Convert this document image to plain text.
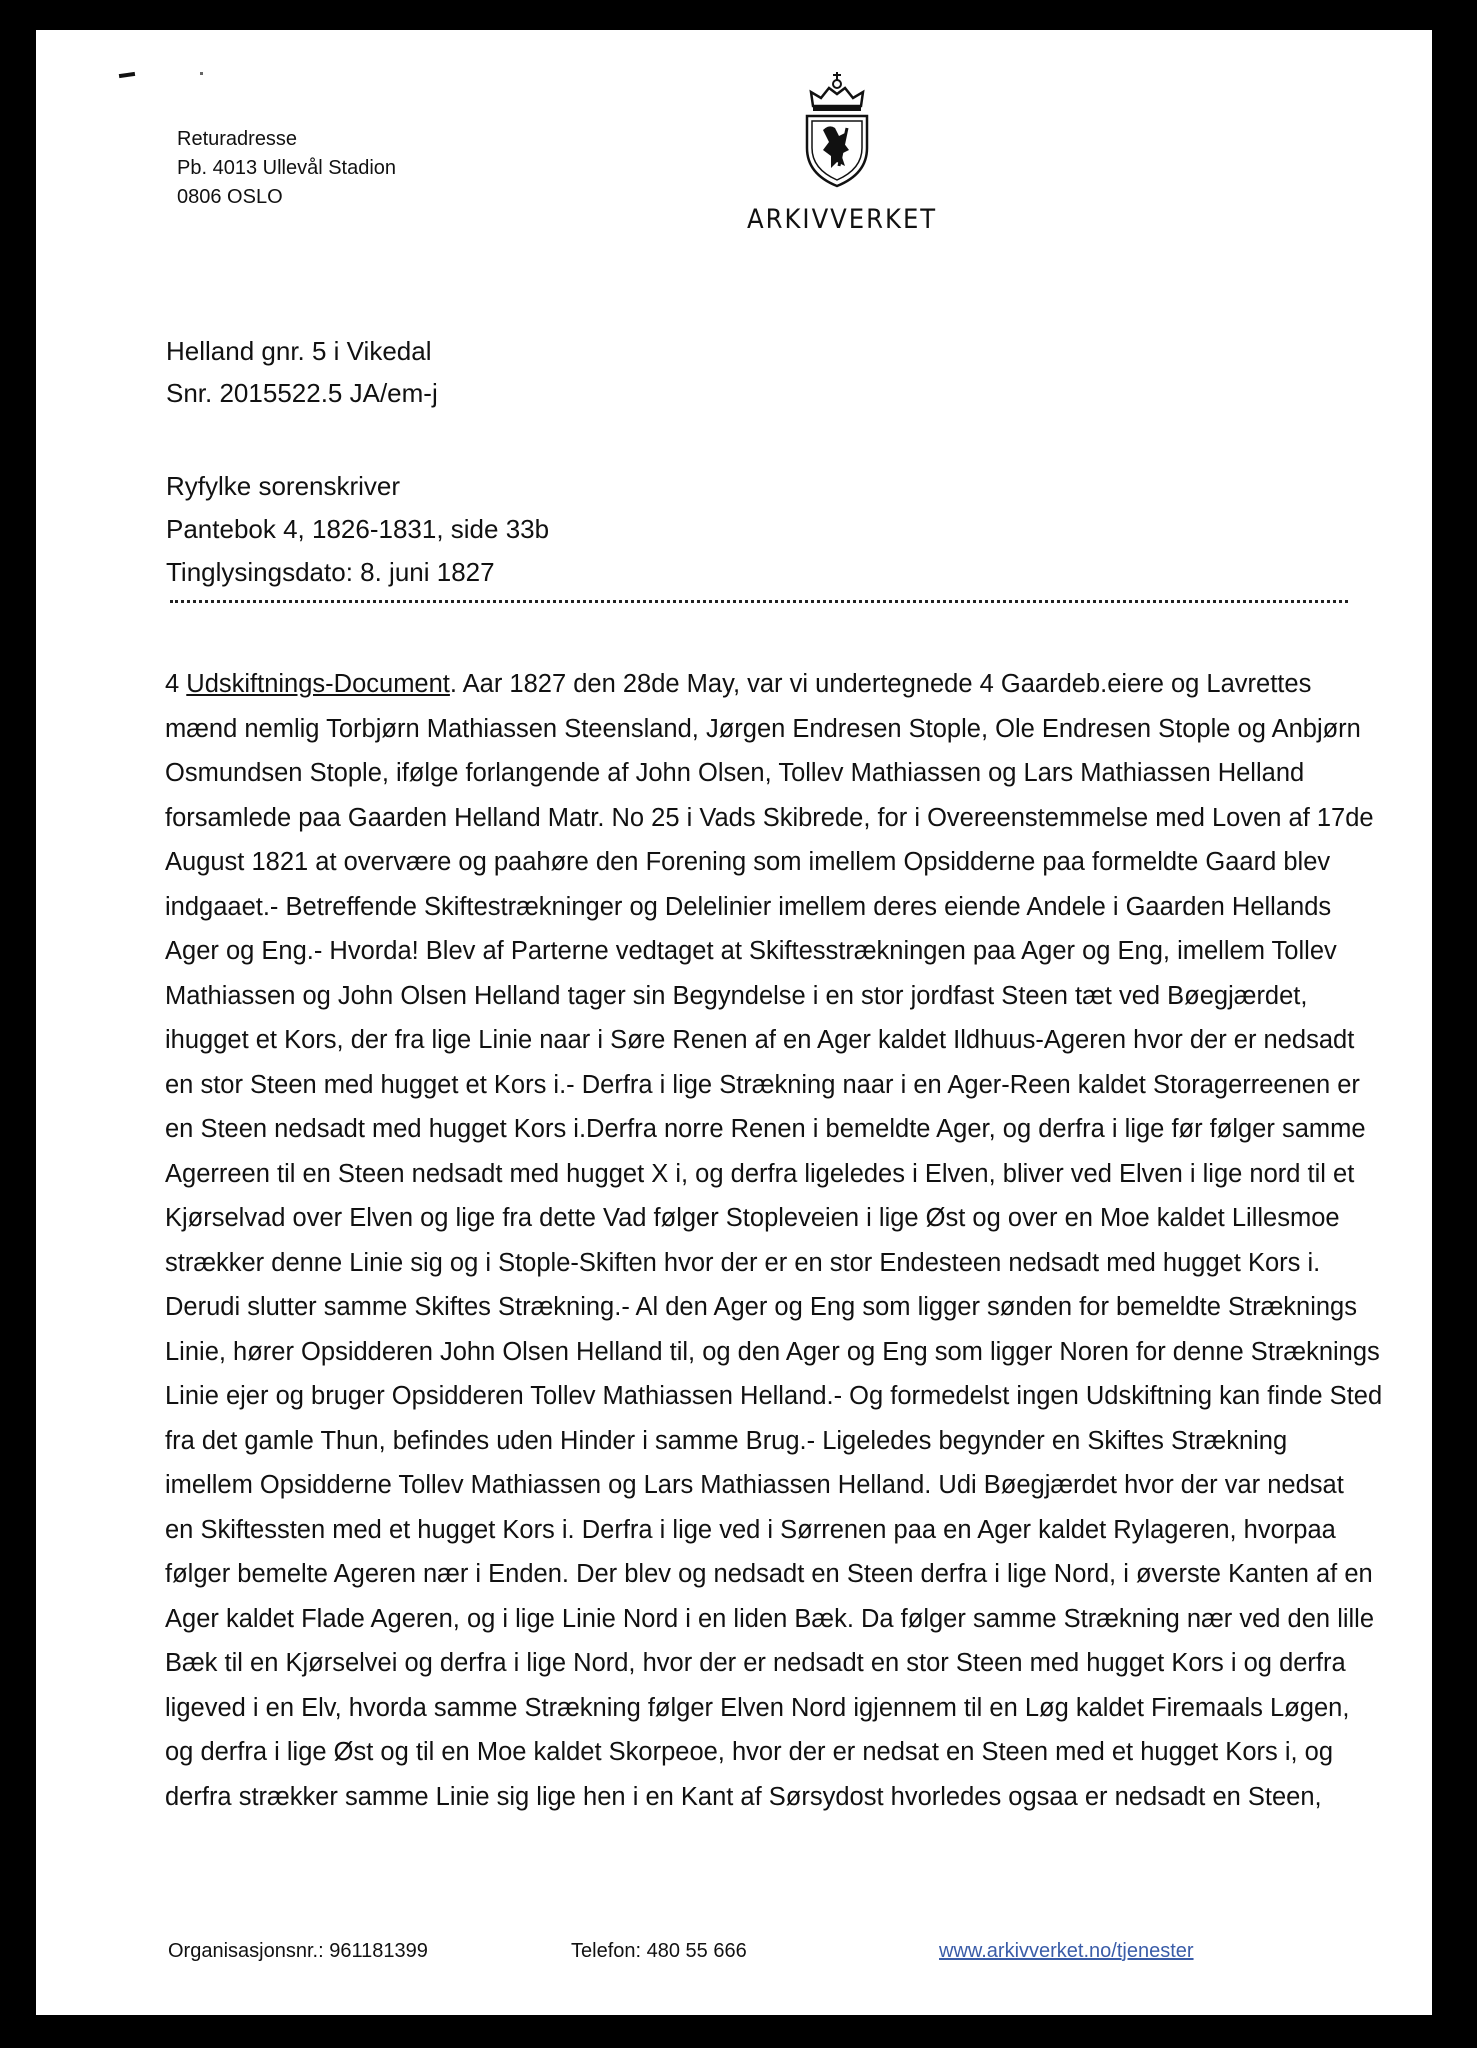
Returadresse
Pb. 4013 Ullevål Stadion
0806 OSLO
ARKIVVERKET
Helland gnr. 5 i Vikedal
Snr. 2015522.5 JA/em-j
Ryfylke sorenskriver
Pantebok 4, 1826-1831, side 33b
Tinglysingsdato: 8. juni 1827
4 Udskiftnings-Document. Aar 1827 den 28de May, var vi undertegnede 4 Gaardeb.eiere og Lavrettes
mænd nemlig Torbjørn Mathiassen Steensland, Jørgen Endresen Stople, Ole Endresen Stople og Anbjørn
Osmundsen Stople, ifølge forlangende af John Olsen, Tollev Mathiassen og Lars Mathiassen Helland
forsamlede paa Gaarden Helland Matr. No 25 i Vads Skibrede, for i Overeenstemmelse med Loven af 17de
August 1821 at overvære og paahøre den Forening som imellem Opsidderne paa formeldte Gaard blev
indgaaet.- Betreffende Skiftestrækninger og Delelinier imellem deres eiende Andele i Gaarden Hellands
Ager og Eng.- Hvorda! Blev af Parterne vedtaget at Skiftesstrækningen paa Ager og Eng, imellem Tollev
Mathiassen og John Olsen Helland tager sin Begyndelse i en stor jordfast Steen tæt ved Bøegjærdet,
ihugget et Kors, der fra lige Linie naar i Søre Renen af en Ager kaldet Ildhuus-Ageren hvor der er nedsadt
en stor Steen med hugget et Kors i.- Derfra i lige Strækning naar i en Ager-Reen kaldet Storagerreenen er
en Steen nedsadt med hugget Kors i.Derfra norre Renen i bemeldte Ager, og derfra i lige før følger samme
Agerreen til en Steen nedsadt med hugget X i, og derfra ligeledes i Elven, bliver ved Elven i lige nord til et
Kjørselvad over Elven og lige fra dette Vad følger Stopleveien i lige Øst og over en Moe kaldet Lillesmoe
strækker denne Linie sig og i Stople-Skiften hvor der er en stor Endesteen nedsadt med hugget Kors i.
Derudi slutter samme Skiftes Strækning.- Al den Ager og Eng som ligger sønden for bemeldte Stræknings
Linie, hører Opsidderen John Olsen Helland til, og den Ager og Eng som ligger Noren for denne Stræknings
Linie ejer og bruger Opsidderen Tollev Mathiassen Helland.- Og formedelst ingen Udskiftning kan finde Sted
fra det gamle Thun, befindes uden Hinder i samme Brug.- Ligeledes begynder en Skiftes Strækning
imellem Opsidderne Tollev Mathiassen og Lars Mathiassen Helland. Udi Bøegjærdet hvor der var nedsat
en Skiftessten med et hugget Kors i. Derfra i lige ved i Sørrenen paa en Ager kaldet Rylageren, hvorpaa
følger bemelte Ageren nær i Enden. Der blev og nedsadt en Steen derfra i lige Nord, i øverste Kanten af en
Ager kaldet Flade Ageren, og i lige Linie Nord i en liden Bæk. Da følger samme Strækning nær ved den lille
Bæk til en Kjørselvei og derfra i lige Nord, hvor der er nedsadt en stor Steen med hugget Kors i og derfra
ligeved i en Elv, hvorda samme Strækning følger Elven Nord igjennem til en Løg kaldet Firemaals Løgen,
og derfra i lige Øst og til en Moe kaldet Skorpeoe, hvor der er nedsat en Steen med et hugget Kors i, og
derfra strækker samme Linie sig lige hen i en Kant af Sørsydost hvorledes ogsaa er nedsadt en Steen,
Organisasjonsnr.: 961181399	Telefon: 480 55 666	www.arkivverket.no/tjenester
